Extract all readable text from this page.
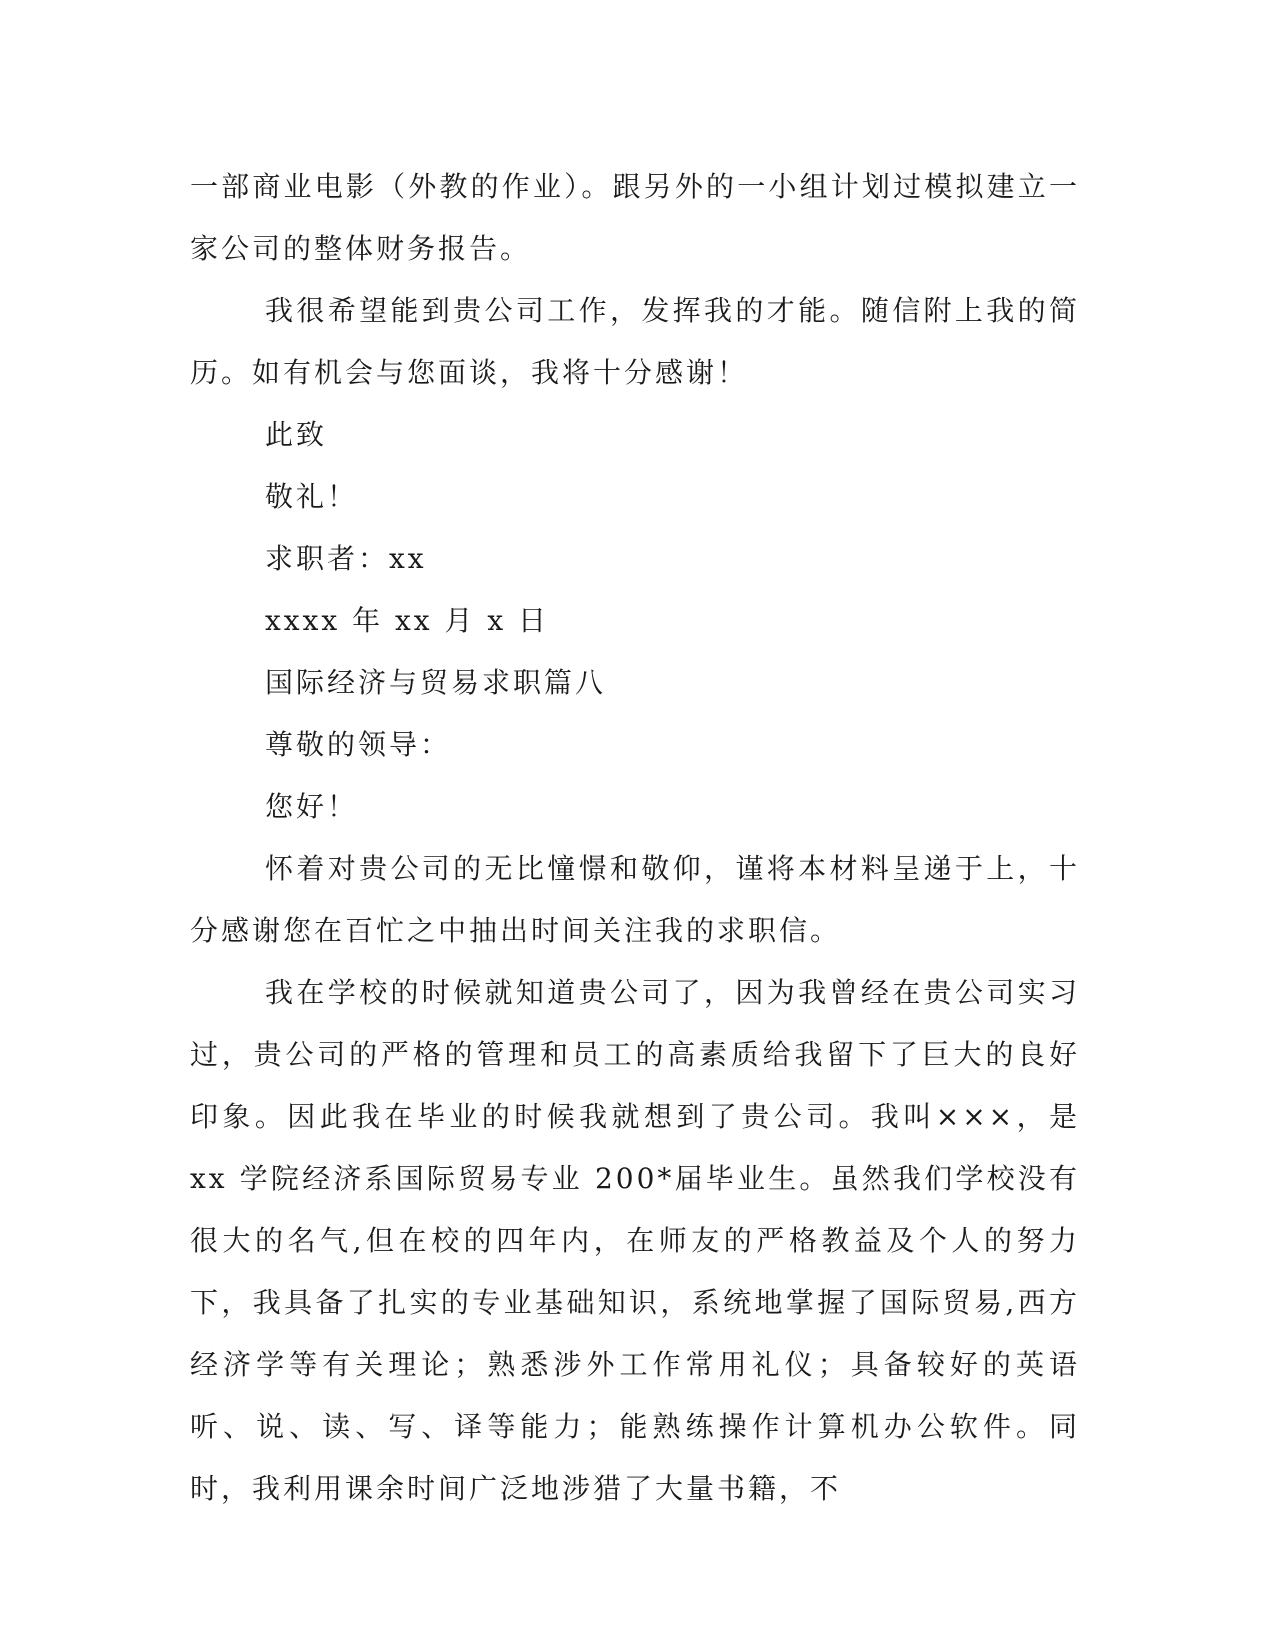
一部商业电影（外教的作业）。跟另外的一小组计划过模拟建立一家公司的整体财务报告。

我很希望能到贵公司工作，发挥我的才能。随信附上我的简历。如有机会与您面谈，我将十分感谢！

此致

敬礼！

求职者：xx

xxxx 年 xx 月 x 日

国际经济与贸易求职篇八

尊敬的领导：

您好！

怀着对贵公司的无比憧憬和敬仰，谨将本材料呈递于上，十分感谢您在百忙之中抽出时间关注我的求职信。

我在学校的时候就知道贵公司了，因为我曾经在贵公司实习过，贵公司的严格的管理和员工的高素质给我留下了巨大的良好印象。因此我在毕业的时候我就想到了贵公司。我叫×××，是 xx 学院经济系国际贸易专业 200*届毕业生。虽然我们学校没有很大的名气,但在校的四年内，在师友的严格教益及个人的努力下，我具备了扎实的专业基础知识，系统地掌握了国际贸易,西方经济学等有关理论；熟悉涉外工作常用礼仪；具备较好的英语听、说、读、写、译等能力；能熟练操作计算机办公软件。同时，我利用课余时间广泛地涉猎了大量书籍，不
